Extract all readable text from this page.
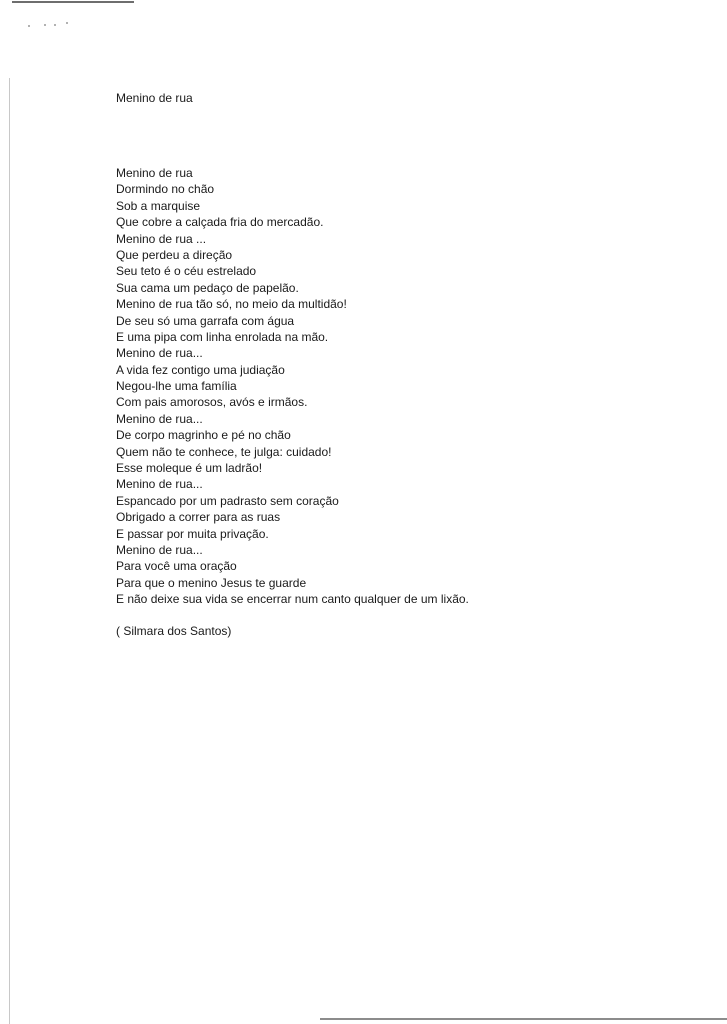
Menino de rua
Menino de rua
Dormindo no chão
Sob a marquise
Que cobre a calçada fria do mercadão.
Menino de rua ...
Que perdeu a direção
Seu teto é o céu estrelado
Sua cama um pedaço de papelão.
Menino de rua tão só, no meio da multidão!
De seu só uma garrafa com água
E uma pipa com linha enrolada na mão.
Menino de rua...
A vida fez contigo uma judiação
Negou-lhe uma família
Com pais amorosos, avós e irmãos.
Menino de rua...
De corpo magrinho e pé no chão
Quem não te conhece, te julga: cuidado!
Esse moleque é um ladrão!
Menino de rua...
Espancado por um padrasto sem coração
Obrigado a correr para as ruas
E passar por muita privação.
Menino de rua...
Para você uma oração
Para que o menino Jesus te guarde
E não deixe sua vida se encerrar num canto qualquer de um lixão.

( Silmara dos Santos)
